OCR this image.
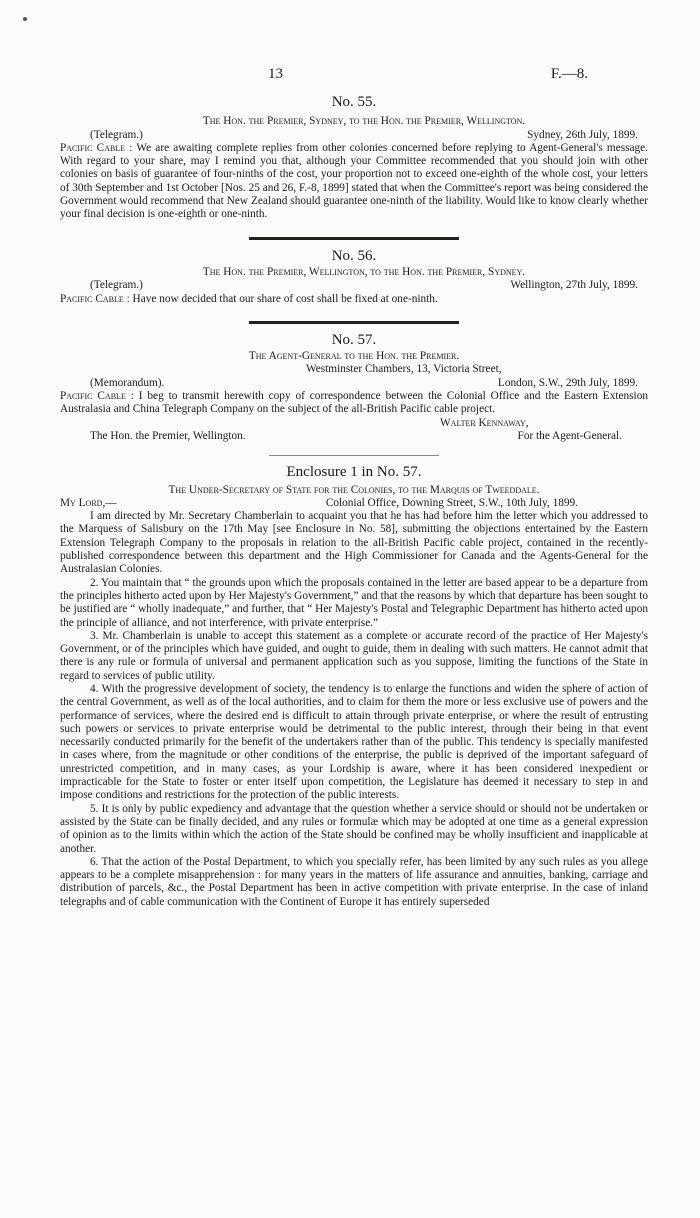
13	F.—8.

No. 55.

The Hon. the Premier, Sydney, to the Hon. the Premier, Wellington.
(Telegram.)	Sydney, 26th July, 1899.
Pacific Cable : We are awaiting complete replies from other colonies concerned before replying to Agent-General's message. With regard to your share, may I remind you that, although your Committee recommended that you should join with other colonies on basis of guarantee of four-ninths of the cost, your proportion not to exceed one-eighth of the whole cost, your letters of 30th September and 1st October [Nos. 25 and 26, F.-8, 1899] stated that when the Committee's report was being considered the Government would recommend that New Zealand should guarantee one-ninth of the liability. Would like to know clearly whether your final decision is one-eighth or one-ninth.

No. 56.

The Hon. the Premier, Wellington, to the Hon. the Premier, Sydney.
(Telegram.)	Wellington, 27th July, 1899.
Pacific Cable : Have now decided that our share of cost shall be fixed at one-ninth.

No. 57.

The Agent-General to the Hon. the Premier.
Westminster Chambers, 13, Victoria Street,
(Memorandum).	London, S.W., 29th July, 1899.
Pacific Cable : I beg to transmit herewith copy of correspondence between the Colonial Office and the Eastern Extension Australasia and China Telegraph Company on the subject of the all-British Pacific cable project.
Walter Kennaway,
The Hon. the Premier, Wellington.	For the Agent-General.
Enclosure 1 in No. 57.
The Under-Secretary of State for the Colonies, to the Marquis of Tweeddale.
My Lord,—	Colonial Office, Downing Street, S.W., 10th July, 1899.
I am directed by Mr. Secretary Chamberlain to acquaint you that he has had before him the letter which you addressed to the Marquess of Salisbury on the 17th May [see Enclosure in No. 58], submitting the objections entertained by the Eastern Extension Telegraph Company to the proposals in relation to the all-British Pacific cable project, contained in the recently-published correspondence between this department and the High Commissioner for Canada and the Agents-General for the Australasian Colonies.
2. You maintain that “ the grounds upon which the proposals contained in the letter are based appear to be a departure from the principles hitherto acted upon by Her Majesty's Government,” and that the reasons by which that departure has been sought to be justified are “ wholly inadequate,” and further, that “ Her Majesty's Postal and Telegraphic Department has hitherto acted upon the principle of alliance, and not interference, with private enterprise.”
3. Mr. Chamberlain is unable to accept this statement as a complete or accurate record of the practice of Her Majesty's Government, or of the principles which have guided, and ought to guide, them in dealing with such matters. He cannot admit that there is any rule or formula of universal and permanent application such as you suppose, limiting the functions of the State in regard to services of public utility.
4. With the progressive development of society, the tendency is to enlarge the functions and widen the sphere of action of the central Government, as well as of the local authorities, and to claim for them the more or less exclusive use of powers and the performance of services, where the desired end is difficult to attain through private enterprise, or where the result of entrusting such powers or services to private enterprise would be detrimental to the public interest, through their being in that event necessarily conducted primarily for the benefit of the undertakers rather than of the public. This tendency is specially manifested in cases where, from the magnitude or other conditions of the enterprise, the public is deprived of the important safeguard of unrestricted competition, and in many cases, as your Lordship is aware, where it has been considered inexpedient or impracticable for the State to foster or enter itself upon competition, the Legislature has deemed it necessary to step in and impose conditions and restrictions for the protection of the public interests.
5. It is only by public expediency and advantage that the question whether a service should or should not be undertaken or assisted by the State can be finally decided, and any rules or formulæ which may be adopted at one time as a general expression of opinion as to the limits within which the action of the State should be confined may be wholly insufficient and inapplicable at another.
6. That the action of the Postal Department, to which you specially refer, has been limited by any such rules as you allege appears to be a complete misapprehension : for many years in the matters of life assurance and annuities, banking, carriage and distribution of parcels, &c., the Postal Department has been in active competition with private enterprise. In the case of inland telegraphs and of cable communication with the Continent of Europe it has entirely superseded
